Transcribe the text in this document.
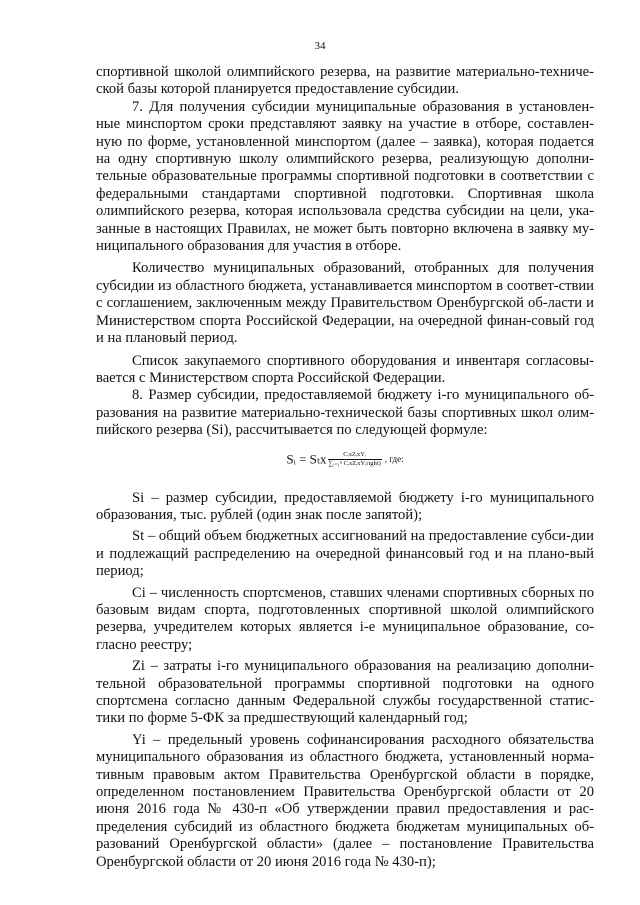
34

спортивной школой олимпийского резерва, на развитие материально-техниче-ской базы которой планируется предоставление субсидии.

7. Для получения субсидии муниципальные образования в установлен-ные минспортом сроки представляют заявку на участие в отборе, составлен-ную по форме, установленной минспортом (далее – заявка), которая подается на одну спортивную школу олимпийского резерва, реализующую дополни-тельные образовательные программы спортивной подготовки в соответствии с федеральными стандартами спортивной подготовки. Спортивная школа олимпийского резерва, которая использовала средства субсидии на цели, ука-занные в настоящих Правилах, не может быть повторно включена в заявку му-ниципального образования для участия в отборе.

Количество муниципальных образований, отобранных для получения субсидии из областного бюджета, устанавливается минспортом в соответ-ствии с соглашением, заключенным между Правительством Оренбургской об-ласти и Министерством спорта Российской Федерации, на очередной финан-совый год и на плановый период.

Список закупаемого спортивного оборудования и инвентаря согласовы-вается с Министерством спорта Российской Федерации.

8. Размер субсидии, предоставляемой бюджету i-го муниципального об-разования на развитие материально-технической базы спортивных школ олим-пийского резерва (Si), рассчитывается по следующей формуле:

Sᵢ = Sₜx $\frac{\text{CᵢxZᵢxYᵢ}}{\text{∑ᵢ₌₁ⁿ CᵢxZᵢxYᵢright)}}$ , где:

Si – размер субсидии, предоставляемой бюджету i-го муниципального образования, тыс. рублей (один знак после запятой);

St – общий объем бюджетных ассигнований на предоставление субси-дии и подлежащий распределению на очередной финансовый год и на плано-вый период;

Ci – численность спортсменов, ставших членами спортивных сборных по базовым видам спорта, подготовленных спортивной школой олимпийского резерва, учредителем которых является i-е муниципальное образование, со-гласно реестру;

Zi – затраты i-го муниципального образования на реализацию дополни-тельной образовательной программы спортивной подготовки на одного спортсмена согласно данным Федеральной службы государственной статис-тики по форме 5-ФК за предшествующий календарный год;

Yi – предельный уровень софинансирования расходного обязательства муниципального образования из областного бюджета, установленный норма-тивным правовым актом Правительства Оренбургской области в порядке, определенном постановлением Правительства Оренбургской области от 20 июня 2016 года № 430-п «Об утверждении правил предоставления и рас-пределения субсидий из областного бюджета бюджетам муниципальных об-разований Оренбургской области» (далее – постановление Правительства Оренбургской области от 20 июня 2016 года № 430-п);
